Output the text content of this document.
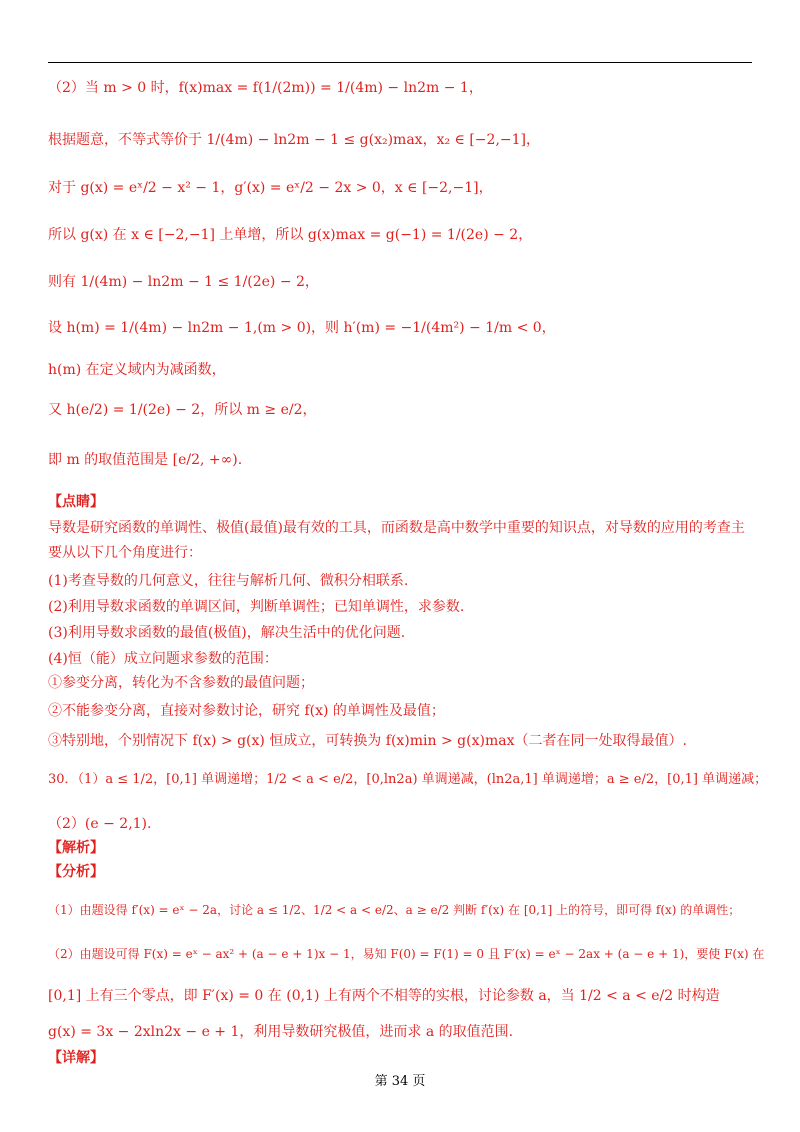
（2）当 m > 0 时，f(x)max = f(1/(2m)) = 1/(4m) − ln2m − 1，
根据题意，不等式等价于 1/(4m) − ln2m − 1 ≤ g(x₂)max，x₂ ∈ [−2,−1]，
对于 g(x) = eˣ/2 − x² − 1，g′(x) = eˣ/2 − 2x > 0，x ∈ [−2,−1]，
所以 g(x) 在 x ∈ [−2,−1] 上单增，所以 g(x)max = g(−1) = 1/(2e) − 2，
则有 1/(4m) − ln2m − 1 ≤ 1/(2e) − 2，
设 h(m) = 1/(4m) − ln2m − 1,(m > 0)，则 h′(m) = −1/(4m²) − 1/m < 0，
h(m) 在定义域内为减函数，
又 h(e/2) = 1/(2e) − 2，所以 m ≥ e/2，
即 m 的取值范围是 [e/2, +∞).
【点睛】
导数是研究函数的单调性、极值(最值)最有效的工具，而函数是高中数学中重要的知识点，对导数的应用的考查主
要从以下几个角度进行：
(1)考查导数的几何意义，往往与解析几何、微积分相联系.
(2)利用导数求函数的单调区间，判断单调性；已知单调性，求参数.
(3)利用导数求函数的最值(极值)，解决生活中的优化问题.
(4)恒（能）成立问题求参数的范围：
①参变分离，转化为不含参数的最值问题；
②不能参变分离，直接对参数讨论，研究 f(x) 的单调性及最值；
③特别地，个别情况下 f(x) > g(x) 恒成立，可转换为 f(x)min > g(x)max（二者在同一处取得最值）.
30．（1）a ≤ 1/2，[0,1] 单调递增；1/2 < a < e/2，[0,ln2a) 单调递减，(ln2a,1] 单调递增；a ≥ e/2，[0,1] 单调递减；
（2）(e − 2,1).
【解析】
【分析】
（1）由题设得 f′(x) = eˣ − 2a，讨论 a ≤ 1/2、1/2 < a < e/2、a ≥ e/2 判断 f′(x) 在 [0,1] 上的符号，即可得 f(x) 的单调性；
（2）由题设可得 F(x) = eˣ − ax² + (a − e + 1)x − 1，易知 F(0) = F(1) = 0 且 F′(x) = eˣ − 2ax + (a − e + 1)，要使 F(x) 在
[0,1] 上有三个零点，即 F′(x) = 0 在 (0,1) 上有两个不相等的实根，讨论参数 a，当 1/2 < a < e/2 时构造
g(x) = 3x − 2xln2x − e + 1，利用导数研究极值，进而求 a 的取值范围.
【详解】
第 34 页
